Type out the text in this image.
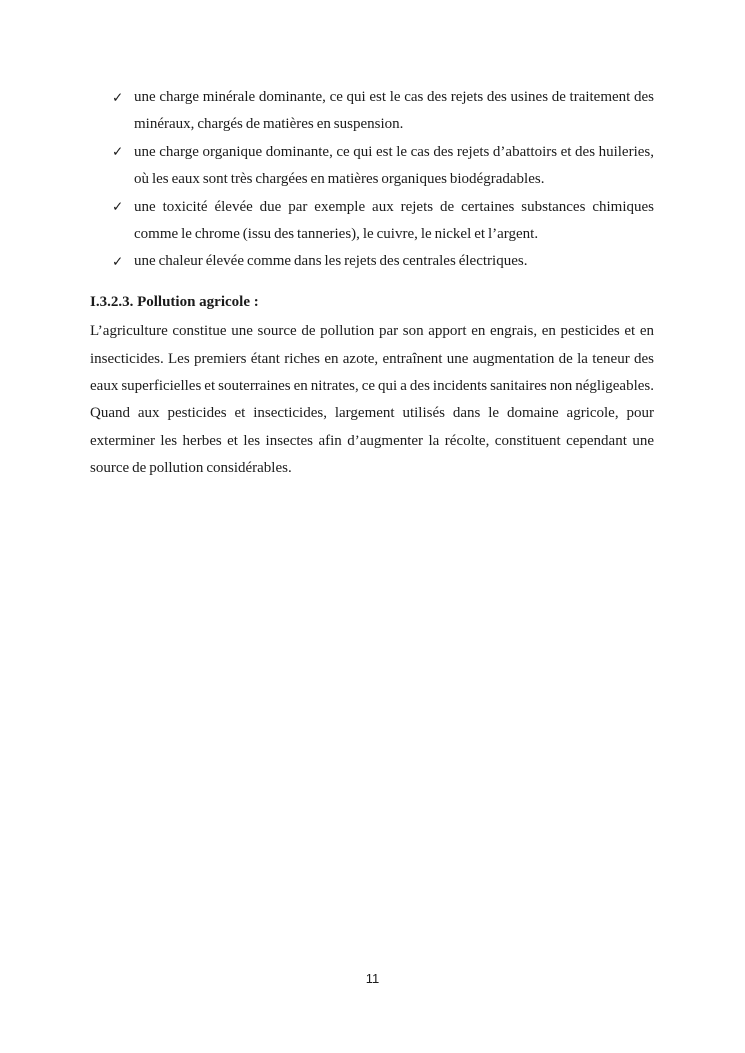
✓ une charge minérale dominante, ce qui est le cas des rejets des usines de traitement des minéraux, chargés de matières en suspension.
✓ une charge organique dominante, ce qui est le cas des rejets d’abattoirs et des huileries, où les eaux sont très chargées en matières organiques biodégradables.
✓ une toxicité élevée due par exemple aux rejets de certaines substances chimiques comme le chrome (issu des tanneries), le cuivre, le nickel et l’argent.
✓ une chaleur élevée comme dans les rejets des centrales électriques.
I.3.2.3. Pollution agricole :

L’agriculture constitue une source de pollution par son apport en engrais, en pesticides et en insecticides. Les premiers étant riches en azote, entraînent une augmentation de la teneur des eaux superficielles et souterraines en nitrates, ce qui a des incidents sanitaires non négligeables. Quand aux pesticides et insecticides, largement utilisés dans le domaine agricole, pour exterminer les herbes et les insectes afin d’augmenter la récolte, constituent cependant une source de pollution considérables.

11
